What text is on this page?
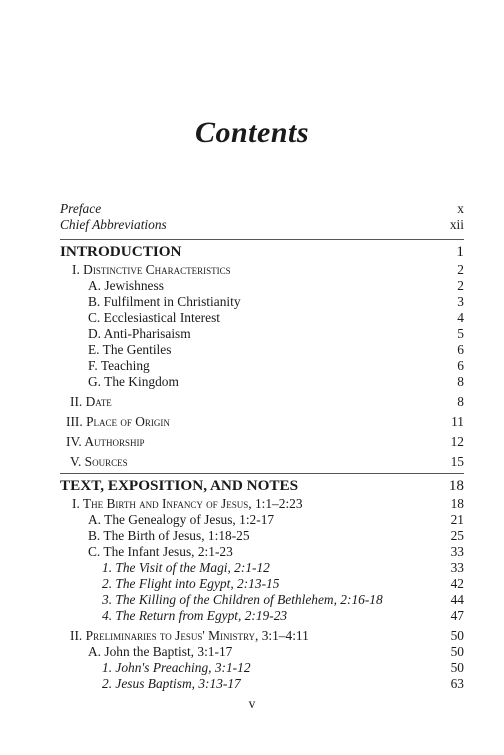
Contents
Preface	x
Chief Abbreviations	xii
INTRODUCTION	1
I. Distinctive Characteristics	2
A. Jewishness	2
B. Fulfilment in Christianity	3
C. Ecclesiastical Interest	4
D. Anti-Pharisaism	5
E. The Gentiles	6
F. Teaching	6
G. The Kingdom	8
II. Date	8
III. Place of Origin	11
IV. Authorship	12
V. Sources	15
TEXT, EXPOSITION, AND NOTES	18
I. The Birth and Infancy of Jesus, 1:1–2:23	18
A. The Genealogy of Jesus, 1:2-17	21
B. The Birth of Jesus, 1:18-25	25
C. The Infant Jesus, 2:1-23	33
1. The Visit of the Magi, 2:1-12	33
2. The Flight into Egypt, 2:13-15	42
3. The Killing of the Children of Bethlehem, 2:16-18	44
4. The Return from Egypt, 2:19-23	47
II. Preliminaries to Jesus' Ministry, 3:1–4:11	50
A. John the Baptist, 3:1-17	50
1. John's Preaching, 3:1-12	50
2. Jesus Baptism, 3:13-17	63
v
